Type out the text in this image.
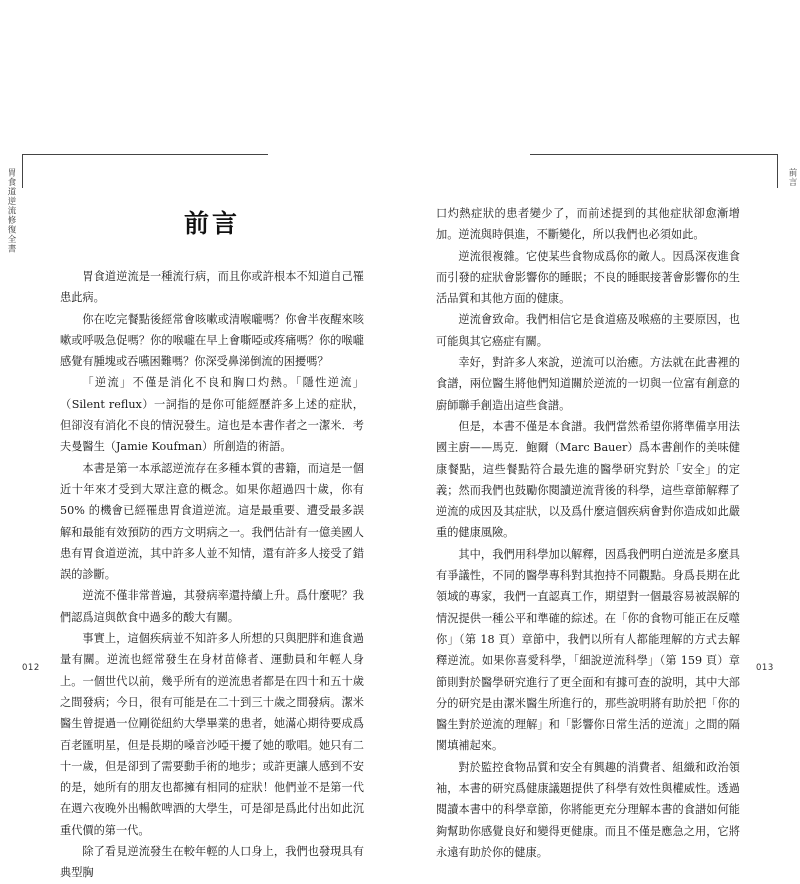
胃食道逆流修復全書	前言
前言

胃食道逆流是一種流行病，而且你或許根本不知道自己罹患此病。

你在吃完餐點後經常會咳嗽或清喉嚨嗎？你會半夜醒來咳嗽或呼吸急促嗎？你的喉嚨在早上會嘶啞或疼痛嗎？你的喉嚨感覺有腫塊或吞嚥困難嗎？你深受鼻涕倒流的困擾嗎？

「逆流」不僅是消化不良和胸口灼熱。「隱性逆流」（Silent reflux）一詞指的是你可能經歷許多上述的症狀，但卻沒有消化不良的情況發生。這也是本書作者之一潔米．考夫曼醫生（Jamie Koufman）所創造的術語。

本書是第一本承認逆流存在多種本質的書籍，而這是一個近十年來才受到大眾注意的概念。如果你超過四十歲，你有 50% 的機會已經罹患胃食道逆流。這是最重要、遭受最多誤解和最能有效預防的西方文明病之一。我們估計有一億美國人患有胃食道逆流，其中許多人並不知情，還有許多人接受了錯誤的診斷。

逆流不僅非常普遍，其發病率還持續上升。爲什麼呢？我們認爲這與飲食中過多的酸大有關。

事實上，這個疾病並不知許多人所想的只與肥胖和進食過量有關。逆流也經常發生在身材苗條者、運動員和年輕人身上。一個世代以前，幾乎所有的逆流患者都是在四十和五十歲之間發病；今日，很有可能是在二十到三十歲之間發病。潔米醫生曾提過一位剛從紐約大學畢業的患者，她滿心期待要成爲百老匯明星，但是長期的嗓音沙啞干擾了她的歌唱。她只有二十一歲，但是卻到了需要動手術的地步；或許更讓人感到不安的是，她所有的朋友也都擁有相同的症狀！他們並不是第一代在週六夜晚外出暢飲啤酒的大學生，可是卻是爲此付出如此沉重代價的第一代。

除了看見逆流發生在較年輕的人口身上，我們也發現具有典型胸

口灼熱症狀的患者變少了，而前述提到的其他症狀卻愈漸增加。逆流與時俱進，不斷變化，所以我們也必須如此。

逆流很複雜。它使某些食物成爲你的敵人。因爲深夜進食而引發的症狀會影響你的睡眠；不良的睡眠接著會影響你的生活品質和其他方面的健康。

逆流會致命。我們相信它是食道癌及喉癌的主要原因，也可能與其它癌症有關。

幸好，對許多人來說，逆流可以治癒。方法就在此書裡的食譜，兩位醫生將他們知道關於逆流的一切與一位富有創意的廚師聯手創造出這些食譜。

但是，本書不僅是本食譜。我們當然希望你將準備享用法國主廚——馬克．鮑爾（Marc Bauer）爲本書創作的美味健康餐點，這些餐點符合最先進的醫學研究對於「安全」的定義；然而我們也鼓勵你閱讀逆流背後的科學，這些章節解釋了逆流的成因及其症狀，以及爲什麼這個疾病會對你造成如此嚴重的健康風險。

其中，我們用科學加以解釋，因爲我們明白逆流是多麼具有爭議性，不同的醫學專科對其抱持不同觀點。身爲長期在此領域的專家，我們一直認真工作，期望對一個最容易被誤解的情況提供一種公平和準確的綜述。在「你的食物可能正在反噬你」（第 18 頁）章節中，我們以所有人都能理解的方式去解釋逆流。如果你喜愛科學，「細說逆流科學」（第 159 頁）章節則對於醫學研究進行了更全面和有據可查的說明，其中大部分的研究是由潔米醫生所進行的，那些說明將有助於把「你的醫生對於逆流的理解」和「影響你日常生活的逆流」之間的隔閡填補起來。

對於監控食物品質和安全有興趣的消費者、組織和政治領袖，本書的研究爲健康議題提供了科學有效性與權威性。透過閱讀本書中的科學章節，你將能更充分理解本書的食譜如何能夠幫助你感覺良好和變得更健康。而且不僅是應急之用，它將永遠有助於你的健康。

012	013
